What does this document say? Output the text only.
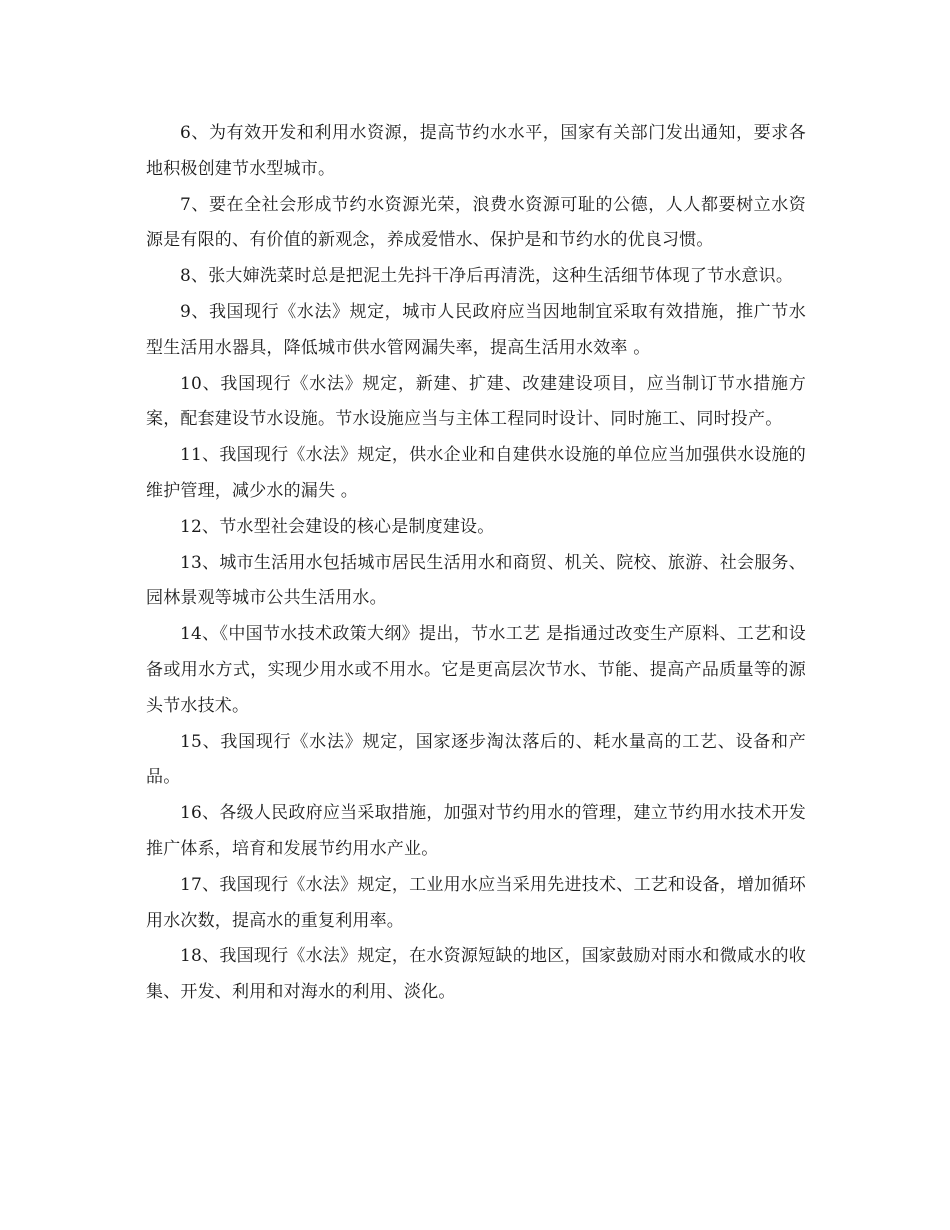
6、为有效开发和利用水资源，提高节约水水平，国家有关部门发出通知，要求各地积极创建节水型城市。

7、要在全社会形成节约水资源光荣，浪费水资源可耻的公德，人人都要树立水资源是有限的、有价值的新观念，养成爱惜水、保护是和节约水的优良习惯。

8、张大婶洗菜时总是把泥土先抖干净后再清洗，这种生活细节体现了节水意识。

9、我国现行《水法》规定，城市人民政府应当因地制宜采取有效措施，推广节水型生活用水器具，降低城市供水管网漏失率，提高生活用水效率 。

10、我国现行《水法》规定，新建、扩建、改建建设项目，应当制订节水措施方案，配套建设节水设施。节水设施应当与主体工程同时设计、同时施工、同时投产。

11、我国现行《水法》规定，供水企业和自建供水设施的单位应当加强供水设施的维护管理，减少水的漏失 。

12、节水型社会建设的核心是制度建设。

13、城市生活用水包括城市居民生活用水和商贸、机关、院校、旅游、社会服务、园林景观等城市公共生活用水。

14、《中国节水技术政策大纲》提出，节水工艺 是指通过改变生产原料、工艺和设备或用水方式，实现少用水或不用水。它是更高层次节水、节能、提高产品质量等的源头节水技术。

15、我国现行《水法》规定，国家逐步淘汰落后的、耗水量高的工艺、设备和产品。

16、各级人民政府应当采取措施，加强对节约用水的管理，建立节约用水技术开发推广体系，培育和发展节约用水产业。

17、我国现行《水法》规定，工业用水应当采用先进技术、工艺和设备，增加循环用水次数，提高水的重复利用率。

18、我国现行《水法》规定，在水资源短缺的地区，国家鼓励对雨水和微咸水的收集、开发、利用和对海水的利用、淡化。
